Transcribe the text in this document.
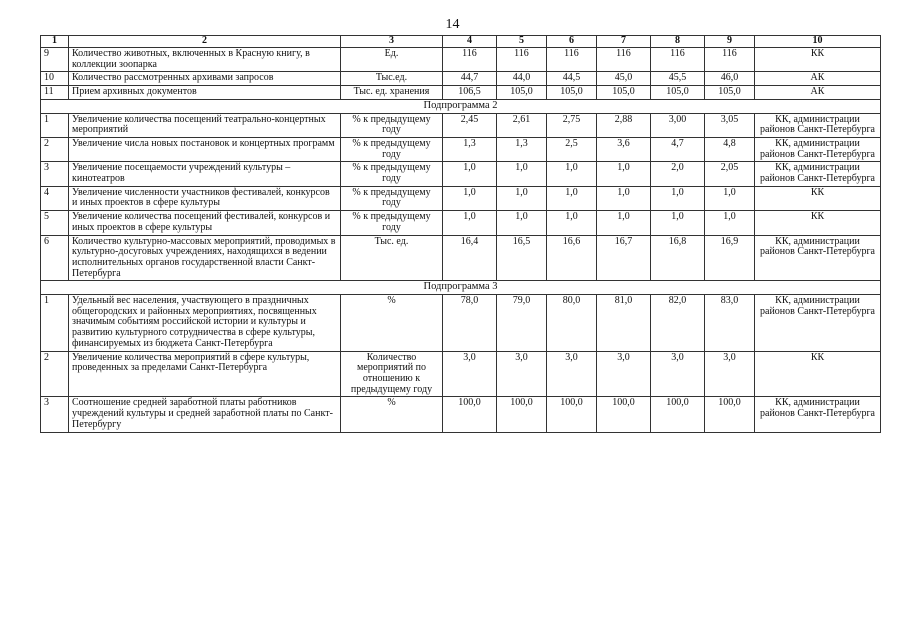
14
1	2	3	4	5	6	7	8	9	10
9	Количество животных, включенных в Красную книгу, в коллекции зоопарка	Ед.	116	116	116	116	116	116	КК
10	Количество рассмотренных архивами запросов	Тыс.ед.	44,7	44,0	44,5	45,0	45,5	46,0	АК
11	Прием архивных документов	Тыс. ед. хранения	106,5	105,0	105,0	105,0	105,0	105,0	АК
Подпрограмма 2									
1	Увеличение количества посещений театрально-концертных мероприятий	% к предыдущему году	2,45	2,61	2,75	2,88	3,00	3,05	КК, администрации районов Санкт-Петербурга
2	Увеличение числа новых постановок и концертных программ	% к предыдущему году	1,3	1,3	2,5	3,6	4,7	4,8	КК, администрации районов Санкт-Петербурга
3	Увеличение посещаемости учреждений культуры – кинотеатров	% к предыдущему году	1,0	1,0	1,0	1,0	2,0	2,05	КК, администрации районов Санкт-Петербурга
4	Увеличение численности участников фестивалей, конкурсов и иных проектов в сфере культуры	% к предыдущему году	1,0	1,0	1,0	1,0	1,0	1,0	КК
5	Увеличение количества посещений фестивалей, конкурсов и иных проектов в сфере культуры	% к предыдущему году	1,0	1,0	1,0	1,0	1,0	1,0	КК
6	Количество культурно-массовых мероприятий, проводимых в культурно-досуговых учреждениях, находящихся в ведении исполнительных органов государственной власти Санкт-Петербурга	Тыс. ед.	16,4	16,5	16,6	16,7	16,8	16,9	КК, администрации районов Санкт-Петербурга
Подпрограмма 3									
1	Удельный вес населения, участвующего в праздничных общегородских и районных мероприятиях, посвященных значимым событиям российской истории и культуры и развитию культурного сотрудничества в сфере культуры, финансируемых из бюджета Санкт-Петербурга	%	78,0	79,0	80,0	81,0	82,0	83,0	КК, администрации районов Санкт-Петербурга
2	Увеличение количества мероприятий в сфере культуры, проведенных за пределами Санкт-Петербурга	Количество мероприятий по отношению к предыдущему году	3,0	3,0	3,0	3,0	3,0	3,0	КК
3	Соотношение средней заработной платы работников учреждений культуры и средней заработной платы по Санкт-Петербургу	%	100,0	100,0	100,0	100,0	100,0	100,0	КК, администрации районов Санкт-Петербурга
